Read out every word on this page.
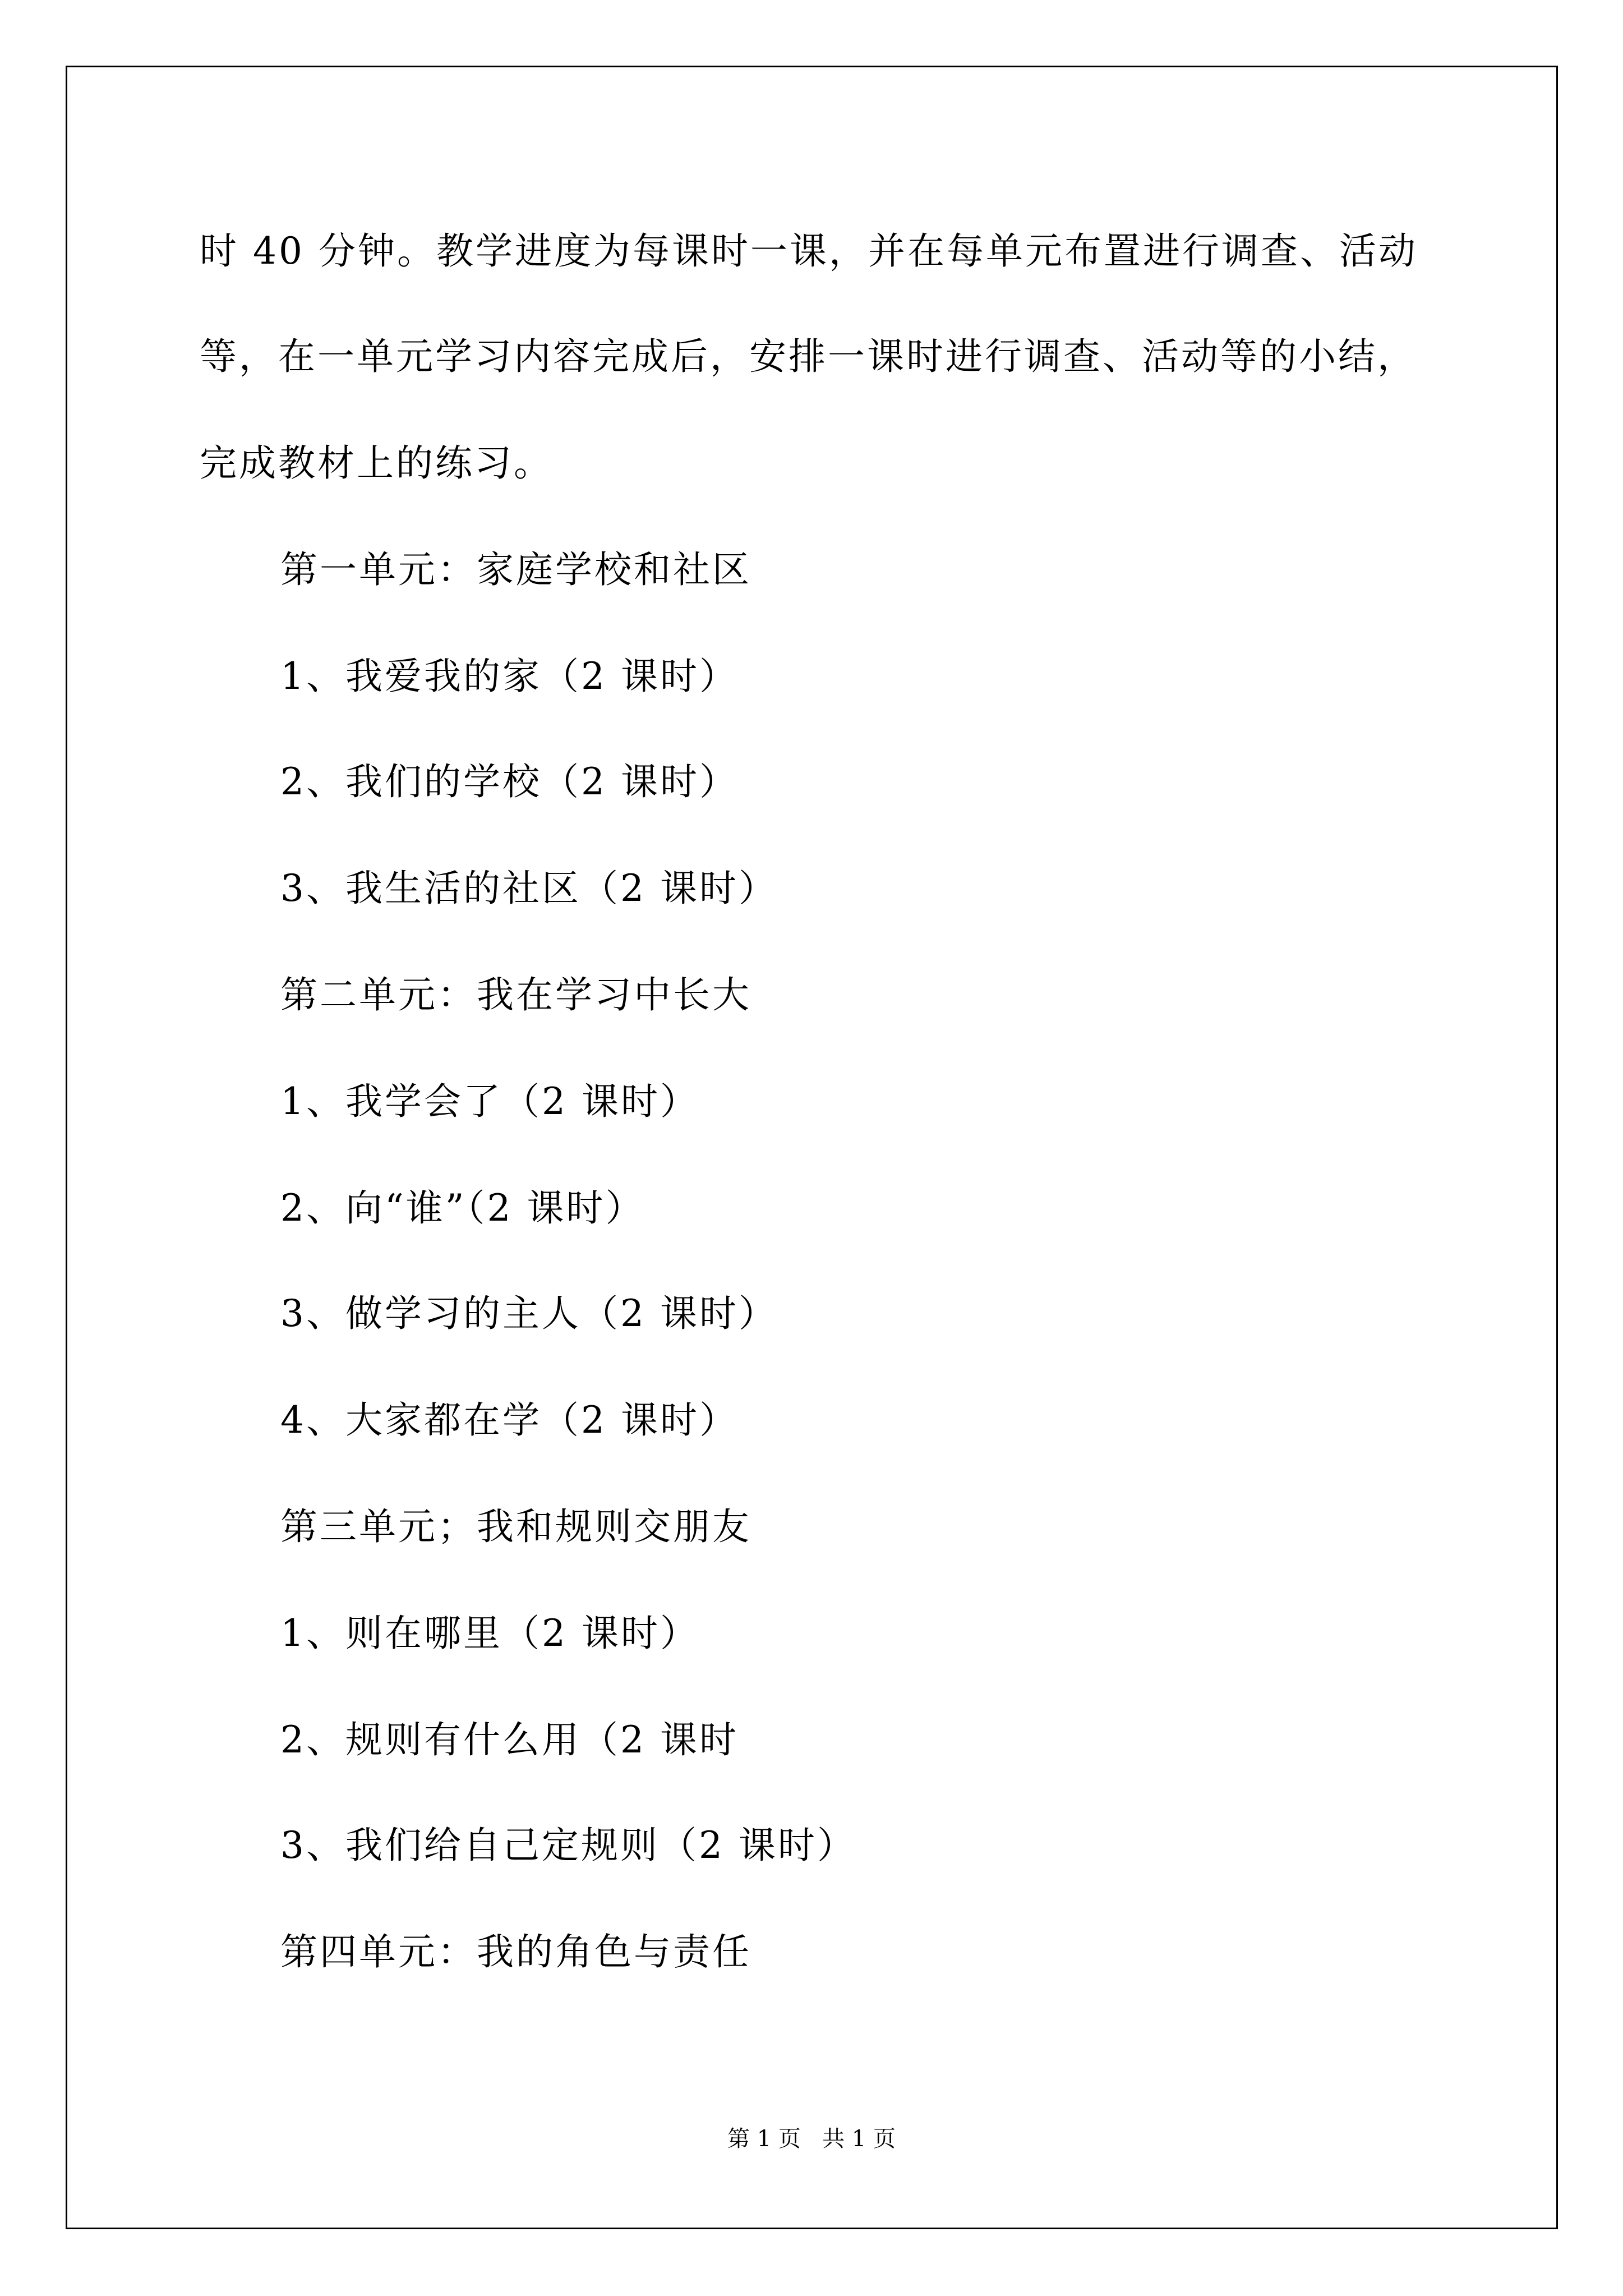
时 40 分钟。教学进度为每课时一课，并在每单元布置进行调查、活动
等，在一单元学习内容完成后，安排一课时进行调查、活动等的小结，
完成教材上的练习。
第一单元：家庭学校和社区
1、我爱我的家（2 课时）
2、我们的学校（2 课时）
3、我生活的社区（2 课时）
第二单元：我在学习中长大
1、我学会了（2 课时）
2、向“谁”（2 课时）
3、做学习的主人（2 课时）
4、大家都在学（2 课时）
第三单元；我和规则交朋友
1、则在哪里（2 课时）
2、规则有什么用（2 课时
3、我们给自己定规则（2 课时）
第四单元：我的角色与责任
第 1 页   共 1 页
